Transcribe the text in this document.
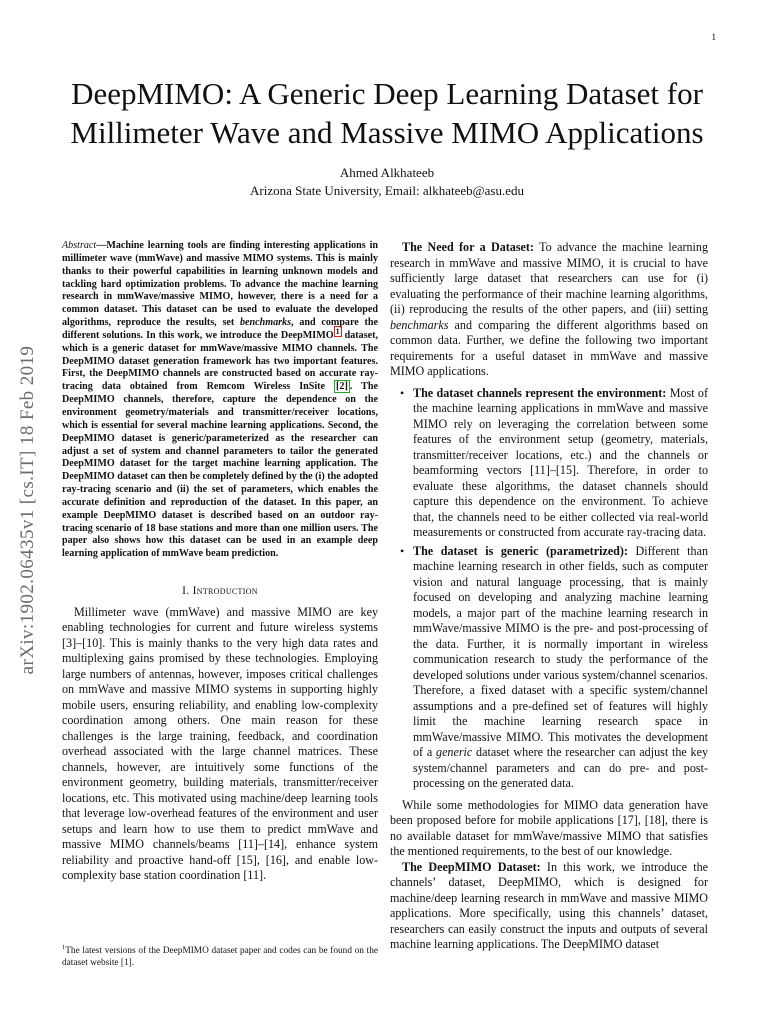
1
arXiv:1902.06435v1 [cs.IT] 18 Feb 2019
DeepMIMO: A Generic Deep Learning Dataset for Millimeter Wave and Massive MIMO Applications
Ahmed Alkhateeb
Arizona State University, Email: alkhateeb@asu.edu

Abstract—Machine learning tools are finding interesting applications in millimeter wave (mmWave) and massive MIMO systems. This is mainly thanks to their powerful capabilities in learning unknown models and tackling hard optimization problems. To advance the machine learning research in mmWave/massive MIMO, however, there is a need for a common dataset. This dataset can be used to evaluate the developed algorithms, reproduce the results, set benchmarks, and compare the different solutions. In this work, we introduce the DeepMIMO $^1$ dataset, which is a generic dataset for mmWave/massive MIMO channels. The DeepMIMO dataset generation framework has two important features. First, the DeepMIMO channels are constructed based on accurate ray-tracing data obtained from Remcom Wireless InSite [2] . The DeepMIMO channels, therefore, capture the dependence on the environment geometry/materials and transmitter/receiver locations, which is essential for several machine learning applications. Second, the DeepMIMO dataset is generic/parameterized as the researcher can adjust a set of system and channel parameters to tailor the generated DeepMIMO dataset for the target machine learning application. The DeepMIMO dataset can then be completely defined by the (i) the adopted ray-tracing scenario and (ii) the set of parameters, which enables the accurate definition and reproduction of the dataset. In this paper, an example DeepMIMO dataset is described based on an outdoor ray-tracing scenario of 18 base stations and more than one million users. The paper also shows how this dataset can be used in an example deep learning application of mmWave beam prediction.

I. Introduction

Millimeter wave (mmWave) and massive MIMO are key enabling technologies for current and future wireless systems [3]–[10]. This is mainly thanks to the very high data rates and multiplexing gains promised by these technologies. Employing large numbers of antennas, however, imposes critical challenges on mmWave and massive MIMO systems in supporting highly mobile users, ensuring reliability, and enabling low-complexity coordination among others. One main reason for these challenges is the large training, feedback, and coordination overhead associated with the large channel matrices. These channels, however, are intuitively some functions of the environment geometry, building materials, transmitter/receiver locations, etc. This motivated using machine/deep learning tools that leverage low-overhead features of the environment and user setups and learn how to use them to predict mmWave and massive MIMO channels/beams [11]–[14], enhance system reliability and proactive hand-off [15], [16], and enable low-complexity base station coordination [11].

$^1$The latest versions of the DeepMIMO dataset paper and codes can be found on the dataset website [1].

The Need for a Dataset: To advance the machine learning research in mmWave and massive MIMO, it is crucial to have sufficiently large dataset that researchers can use for (i) evaluating the performance of their machine learning algorithms, (ii) reproducing the results of the other papers, and (iii) setting benchmarks and comparing the different algorithms based on common data. Further, we define the following two important requirements for a useful dataset in mmWave and massive MIMO applications.

• The dataset channels represent the environment: Most of the machine learning applications in mmWave and massive MIMO rely on leveraging the correlation between some features of the environment setup (geometry, materials, transmitter/receiver locations, etc.) and the channels or beamforming vectors [11]–[15]. Therefore, in order to evaluate these algorithms, the dataset channels should capture this dependence on the environment. To achieve that, the channels need to be either collected via real-world measurements or constructed from accurate ray-tracing data.
• The dataset is generic (parametrized): Different than machine learning research in other fields, such as computer vision and natural language processing, that is mainly focused on developing and analyzing machine learning models, a major part of the machine learning research in mmWave/massive MIMO is the pre- and post-processing of the data. Further, it is normally important in wireless communication research to study the performance of the developed solutions under various system/channel scenarios. Therefore, a fixed dataset with a specific system/channel assumptions and a pre-defined set of features will highly limit the machine learning research space in mmWave/massive MIMO. This motivates the development of a generic dataset where the researcher can adjust the key system/channel parameters and can do pre- and post-processing on the generated data.

While some methodologies for MIMO data generation have been proposed before for mobile applications [17], [18], there is no available dataset for mmWave/massive MIMO that satisfies the mentioned requirements, to the best of our knowledge.

The DeepMIMO Dataset: In this work, we introduce the channels’ dataset, DeepMIMO, which is designed for machine/deep learning research in mmWave and massive MIMO applications. More specifically, using this channels’ dataset, researchers can easily construct the inputs and outputs of several machine learning applications. The DeepMIMO dataset
